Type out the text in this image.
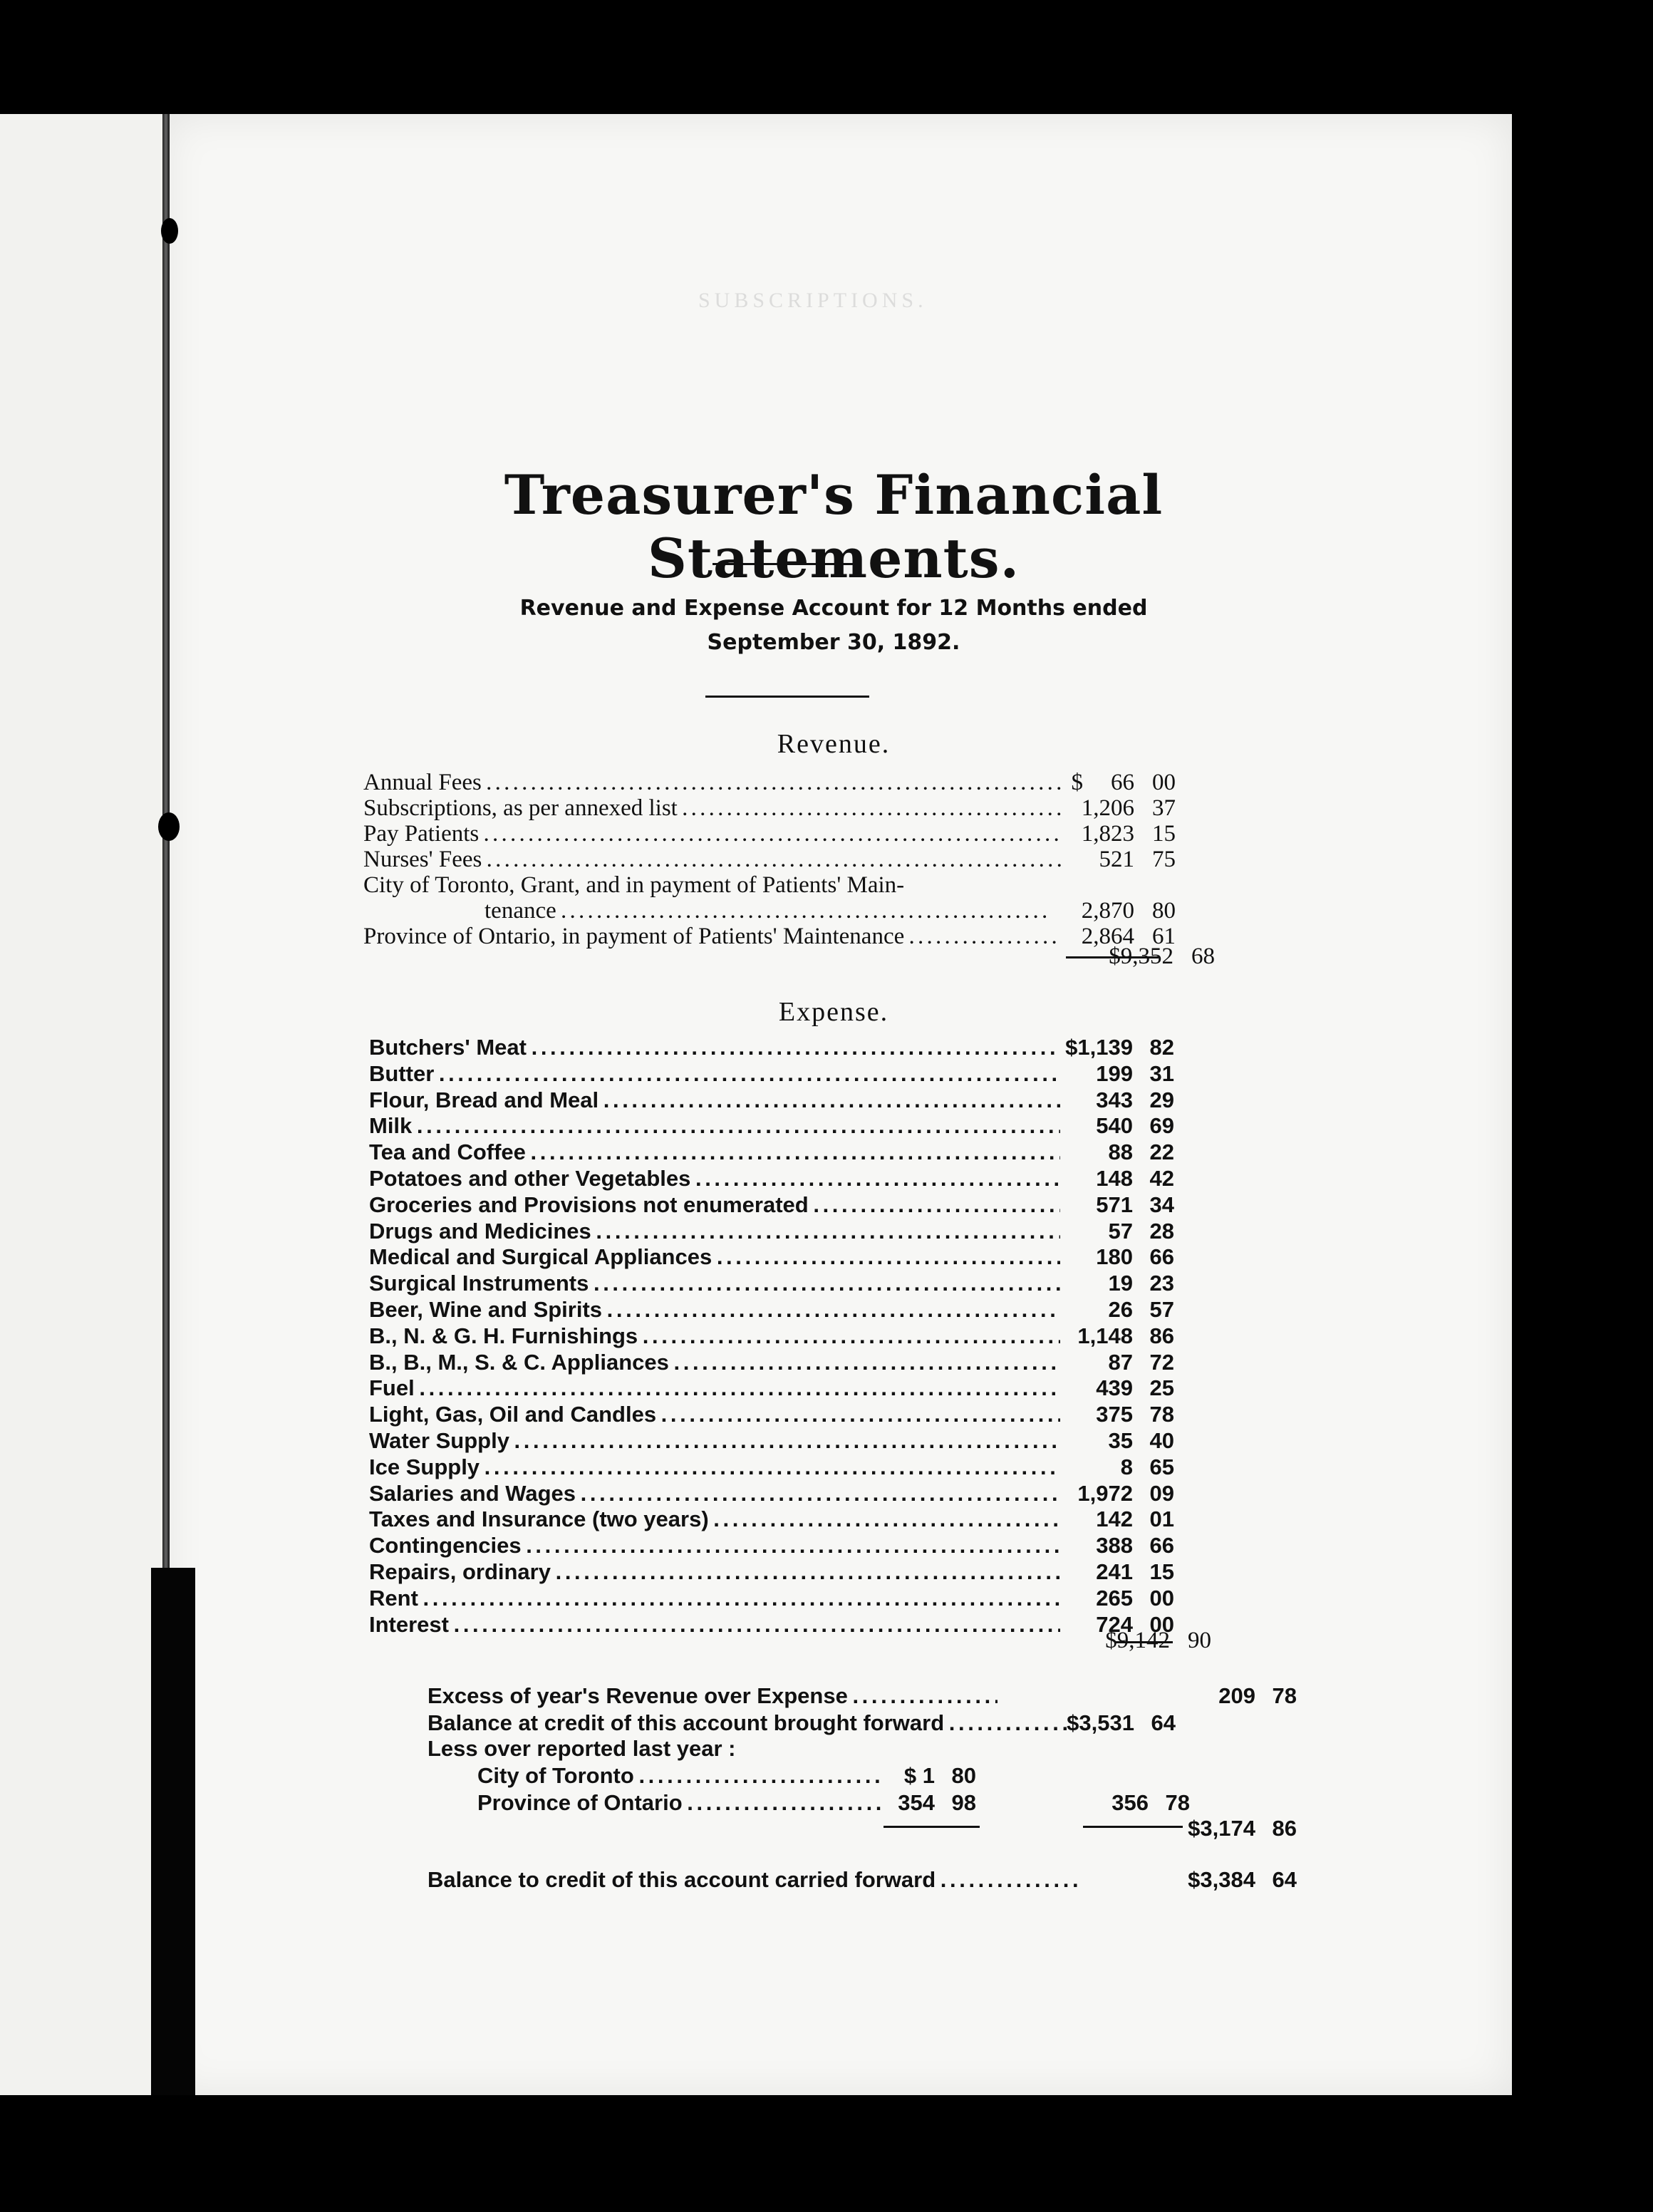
SUBSCRIPTIONS.
Treasurer's Financial Statements.
Revenue and Expense Account for 12 Months ended
September 30, 1892.
Revenue.
Annual Fees . . .	$ 66 00
Subscriptions, as per annexed list . . .	1,206 37
Pay Patients . . .	1,823 15
Nurses' Fees . . .	521 75
City of Toronto, Grant, and in payment of Patients' Main-
tenance . . .	2,870 80
Province of Ontario, in payment of Patients' Maintenance . . .	2,864 61
$9,352 68
Expense.
Butchers' Meat . . .	$1,139 82
Butter . . .	199 31
Flour, Bread and Meal . . .	343 29
Milk . . .	540 69
Tea and Coffee . . .	88 22
Potatoes and other Vegetables . . .	148 42
Groceries and Provisions not enumerated . . .	571 34
Drugs and Medicines . . .	57 28
Medical and Surgical Appliances . . .	180 66
Surgical Instruments . . .	19 23
Beer, Wine and Spirits . . .	26 57
B., N. & G. H. Furnishings . . .	1,148 86
B., B., M., S. & C. Appliances . . .	87 72
Fuel . . .	439 25
Light, Gas, Oil and Candles . . .	375 78
Water Supply . . .	35 40
Ice Supply . . .	8 65
Salaries and Wages . . .	1,972 09
Taxes and Insurance (two years) . . .	142 01
Contingencies . . .	388 66
Repairs, ordinary . . .	241 15
Rent . . .	265 00
Interest . . .	724 00
$9,142 90
Excess of year's Revenue over Expense . . .	209 78
Balance at credit of this account brought forward . . .	$3,531 64
Less over reported last year :
City of Toronto . . .	$ 1 80
Province of Ontario . . .	354 98	356 78
$3,174 86
Balance to credit of this account carried forward . . .	$3,384 64
